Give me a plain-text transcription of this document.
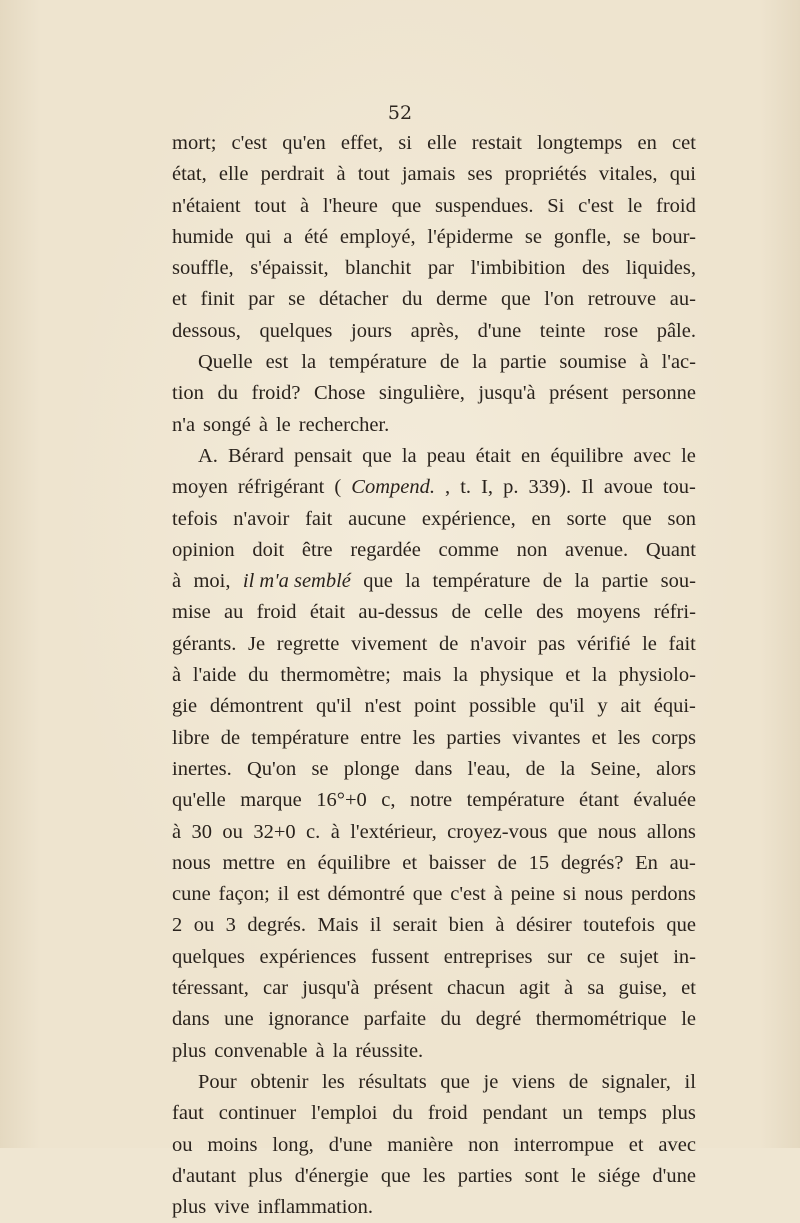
52
mort; c'est qu'en effet, si elle restait longtemps en cet
état, elle perdrait à tout jamais ses propriétés vitales, qui
n'étaient tout à l'heure que suspendues. Si c'est le froid
humide qui a été employé, l'épiderme se gonfle, se bour-
souffle, s'épaissit, blanchit par l'imbibition des liquides,
et finit par se détacher du derme que l'on retrouve au-
dessous, quelques jours après, d'une teinte rose pâle.
Quelle est la température de la partie soumise à l'ac-
tion du froid? Chose singulière, jusqu'à présent personne
n'a songé à le rechercher.
A. Bérard pensait que la peau était en équilibre avec le
moyen réfrigérant ( Compend. , t. I, p. 339). Il avoue tou-
tefois n'avoir fait aucune expérience, en sorte que son
opinion doit être regardée comme non avenue. Quant
à moi, il m'a semblé que la température de la partie sou-
mise au froid était au-dessus de celle des moyens réfri-
gérants. Je regrette vivement de n'avoir pas vérifié le fait
à l'aide du thermomètre; mais la physique et la physiolo-
gie démontrent qu'il n'est point possible qu'il y ait équi-
libre de température entre les parties vivantes et les corps
inertes. Qu'on se plonge dans l'eau, de la Seine, alors
qu'elle marque 16°+0 c, notre température étant évaluée
à 30 ou 32+0 c. à l'extérieur, croyez-vous que nous allons
nous mettre en équilibre et baisser de 15 degrés? En au-
cune façon; il est démontré que c'est à peine si nous perdons
2 ou 3 degrés. Mais il serait bien à désirer toutefois que
quelques expériences fussent entreprises sur ce sujet in-
téressant, car jusqu'à présent chacun agit à sa guise, et
dans une ignorance parfaite du degré thermométrique le
plus convenable à la réussite.
Pour obtenir les résultats que je viens de signaler, il
faut continuer l'emploi du froid pendant un temps plus
ou moins long, d'une manière non interrompue et avec
d'autant plus d'énergie que les parties sont le siége d'une
plus vive inflammation.
